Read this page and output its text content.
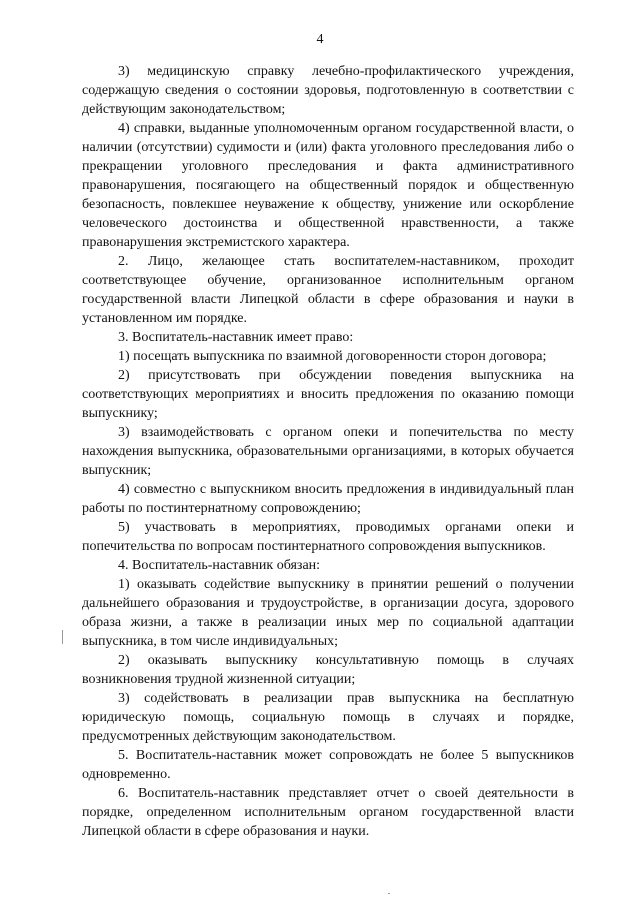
4

3) медицинскую справку лечебно-профилактического учреждения, содержащую сведения о состоянии здоровья, подготовленную в соответствии с действующим законодательством;

4) справки, выданные уполномоченным органом государственной власти, о наличии (отсутствии) судимости и (или) факта уголовного преследования либо о прекращении уголовного преследования и факта административного правонарушения, посягающего на общественный порядок и общественную безопасность, повлекшее неуважение к обществу, унижение или оскорбление человеческого достоинства и общественной нравственности, а также правонарушения экстремистского характера.

2. Лицо, желающее стать воспитателем-наставником, проходит соответствующее обучение, организованное исполнительным органом государственной власти Липецкой области в сфере образования и науки в установленном им порядке.

3. Воспитатель-наставник имеет право:

1) посещать выпускника по взаимной договоренности сторон договора;

2) присутствовать при обсуждении поведения выпускника на соответствующих мероприятиях и вносить предложения по оказанию помощи выпускнику;

3) взаимодействовать с органом опеки и попечительства по месту нахождения выпускника, образовательными организациями, в которых обучается выпускник;

4) совместно с выпускником вносить предложения в индивидуальный план работы по постинтернатному сопровождению;

5) участвовать в мероприятиях, проводимых органами опеки и попечительства по вопросам постинтернатного сопровождения выпускников.

4. Воспитатель-наставник обязан:

1) оказывать содействие выпускнику в принятии решений о получении дальнейшего образования и трудоустройстве, в организации досуга, здорового образа жизни, а также в реализации иных мер по социальной адаптации выпускника, в том числе индивидуальных;

2) оказывать выпускнику консультативную помощь в случаях возникновения трудной жизненной ситуации;

3) содействовать в реализации прав выпускника на бесплатную юридическую помощь, социальную помощь в случаях и порядке, предусмотренных действующим законодательством.

5. Воспитатель-наставник может сопровождать не более 5 выпускников одновременно.

6. Воспитатель-наставник представляет отчет о своей деятельности в порядке, определенном исполнительным органом государственной власти Липецкой области в сфере образования и науки.
